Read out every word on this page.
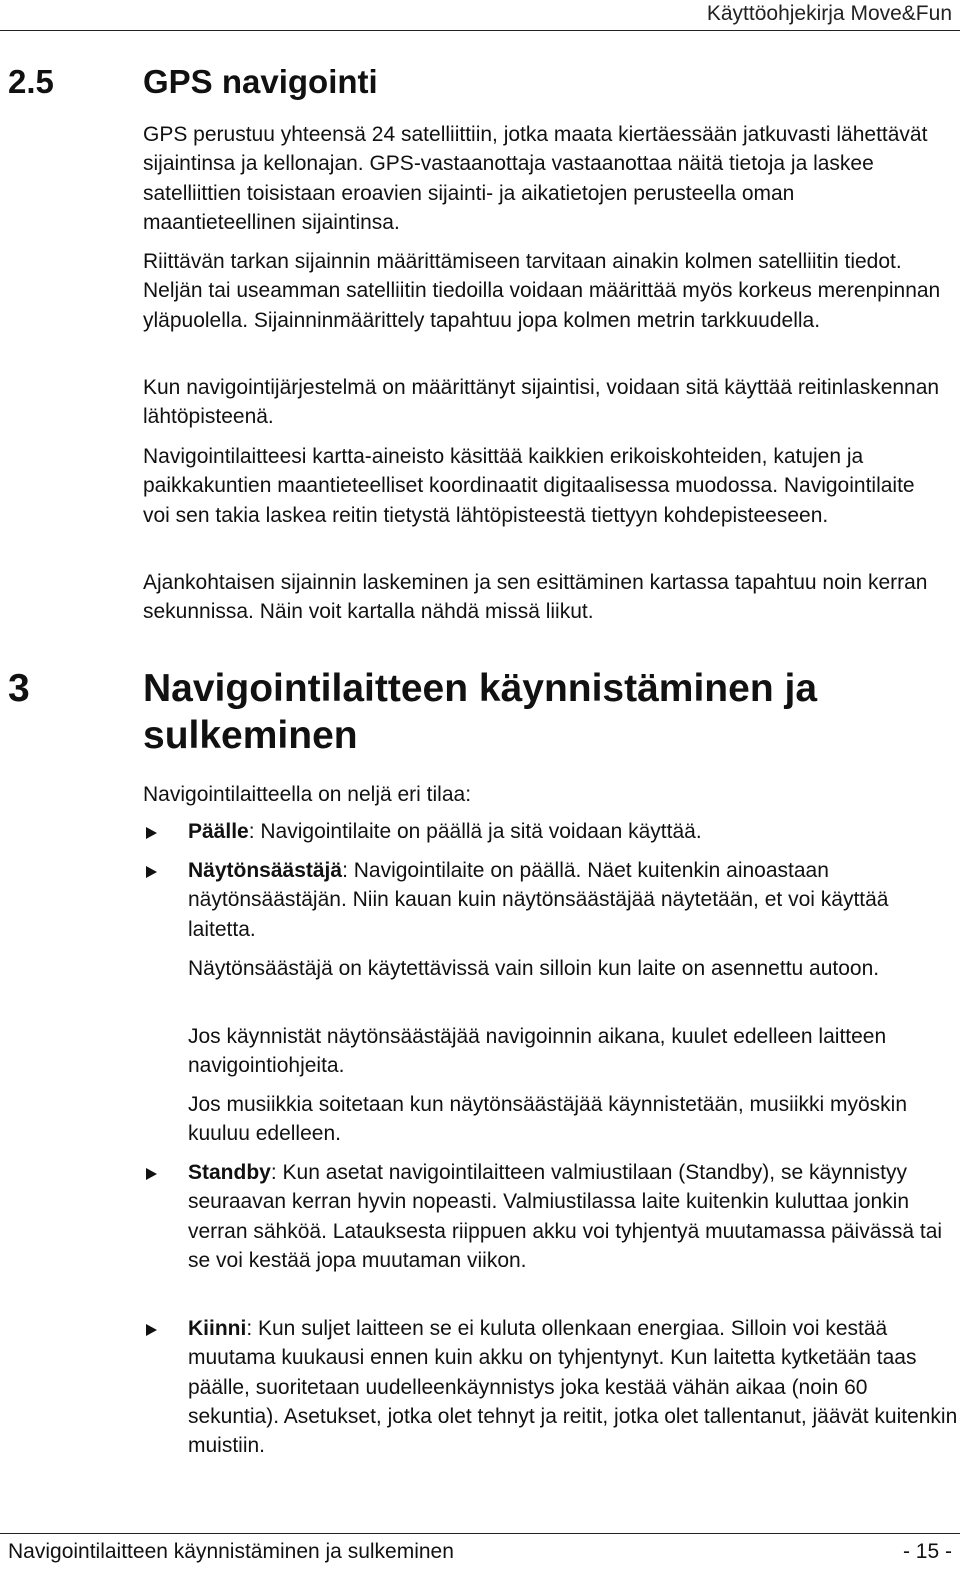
Käyttöohjekirja Move&Fun
2.5	GPS navigointi

GPS perustuu yhteensä 24 satelliittiin, jotka maata kiertäessään jatkuvasti lähettävät sijaintinsa ja kellonajan. GPS-vastaanottaja vastaanottaa näitä tietoja ja laskee satelliittien toisistaan eroavien sijainti- ja aikatietojen perusteella oman maantieteellinen sijaintinsa.

Riittävän tarkan sijainnin määrittämiseen tarvitaan ainakin kolmen satelliitin tiedot. Neljän tai useamman satelliitin tiedoilla voidaan määrittää myös korkeus merenpinnan yläpuolella. Sijainninmäärittely tapahtuu jopa kolmen metrin tarkkuudella.

Kun navigointijärjestelmä on määrittänyt sijaintisi, voidaan sitä käyttää reitinlaskennan lähtöpisteenä.

Navigointilaitteesi kartta-aineisto käsittää kaikkien erikoiskohteiden, katujen ja paikkakuntien maantieteelliset koordinaatit digitaalisessa muodossa. Navigointilaite voi sen takia laskea reitin tietystä lähtöpisteestä tiettyyn kohdepisteeseen.

Ajankohtaisen sijainnin laskeminen ja sen esittäminen kartassa tapahtuu noin kerran sekunnissa. Näin voit kartalla nähdä missä liikut.

3	Navigointilaitteen käynnistäminen ja sulkeminen

Navigointilaitteella on neljä eri tilaa:

Päälle: Navigointilaite on päällä ja sitä voidaan käyttää.
Näytönsäästäjä: Navigointilaite on päällä. Näet kuitenkin ainoastaan näytönsäästäjän. Niin kauan kuin näytönsäästäjää näytetään, et voi käyttää laitetta.

Näytönsäästäjä on käytettävissä vain silloin kun laite on asennettu autoon.

Jos käynnistät näytönsäästäjää navigoinnin aikana, kuulet edelleen laitteen navigointiohjeita.

Jos musiikkia soitetaan kun näytönsäästäjää käynnistetään, musiikki myöskin kuuluu edelleen.

Standby: Kun asetat navigointilaitteen valmiustilaan (Standby), se käynnistyy seuraavan kerran hyvin nopeasti. Valmiustilassa laite kuitenkin kuluttaa jonkin verran sähköä. Latauksesta riippuen akku voi tyhjentyä muutamassa päivässä tai se voi kestää jopa muutaman viikon.
Kiinni: Kun suljet laitteen se ei kuluta ollenkaan energiaa. Silloin voi kestää muutama kuukausi ennen kuin akku on tyhjentynyt. Kun laitetta kytketään taas päälle, suoritetaan uudelleenkäynnistys joka kestää vähän aikaa (noin 60 sekuntia). Asetukset, jotka olet tehnyt ja reitit, jotka olet tallentanut, jäävät kuitenkin muistiin.
Navigointilaitteen käynnistäminen ja sulkeminen	- 15 -
